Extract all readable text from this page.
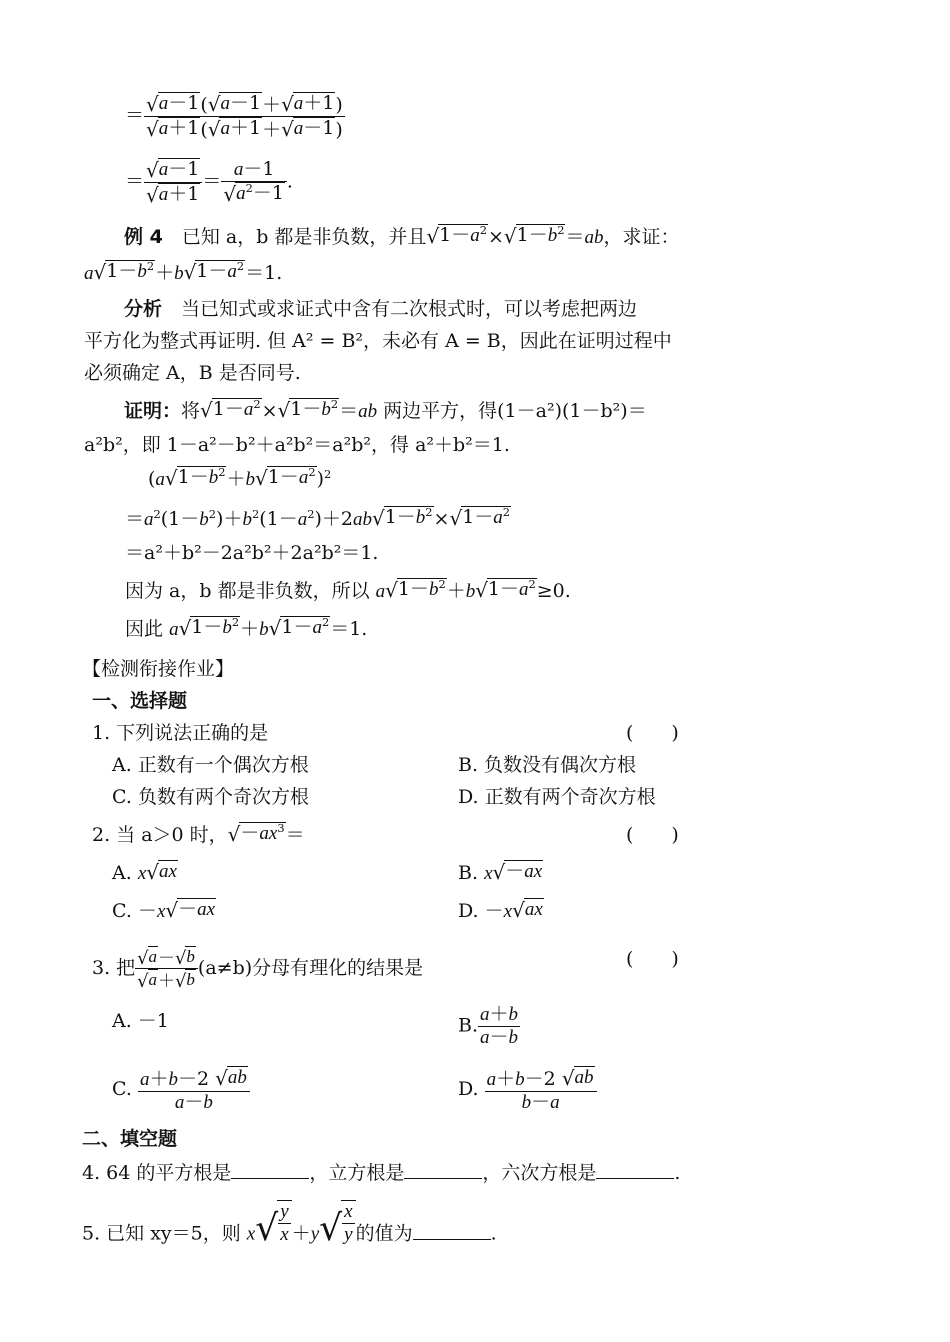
＝ $\frac{√ a-1 ( √ a-1 + √ a+1 )}{√ a+1 ( √ a+1 + √ a-1 )}$
＝ $\frac{√ a-1}{√ a+1} = \frac{a-1}{√ a^2-1}$ .
例 4　 已知 a，b 都是非负数，并且 √ $1-a^2$ × √ $1-b^2 =ab$，求证：
a √ $1-b^2 +b$ √ $1-a^2 =1$.
分析　 当已知式或求证式中含有二次根式时，可以考虑把两边
平方化为整式再证明. 但 A² = B²，未必有 A = B，因此在证明过程中
必须确定 A，B 是否同号.
证明：将 √ $1-a^2$ × √ $1-b^2 =ab$ 两边平方，得(1－a²)(1－b²)＝
a²b²，即 1－a²－b²＋a²b²＝a²b²，得 a²＋b²＝1.
(a √ $1-b^2 +b$ √ $1-a^2$ )$^2$
$=a^2(1-b^2)+b^2(1-a^2)+2ab$ √ $1-b^2$ × √ $1-a^2$
＝a²＋b²－2a²b²＋2a²b²＝1.
因为 a，b 都是非负数，所以 a √ $1-b^2 +b$ √ $1-a^2 \ge 0$.
因此 a √ $1-b^2 +b$ √ $1-a^2 =1$.
【检测衔接作业】
一、选择题
1. 下列说法正确的是	(　　)
A. 正数有一个偶次方根	B. 负数没有偶次方根
C. 负数有两个奇次方根	D. 正数有两个奇次方根
2. 当 a＞0 时， √ $-ax^3$ ＝	(　　)
A. x √ ax	B. x √ －ax
C. －x √ －ax	D. －x √ ax
3. 把 $\frac{√ a - √ b}{√ a + √ b} (a\ne b)$分母有理化的结果是	(　　)
A. －1	B. $\frac{a+b}{a-b}$
C. $\frac{a+b-2 √ ab}{a-b}$	D. $\frac{a+b-2 √ ab}{b-a}$
二、填空题
4. 64 的平方根是	，立方根是	，六次方根是	.
5. 已知 xy＝5，则 x √ $\frac{y}{x} +y$ √ $\frac{x}{y}$ 的值为	.
